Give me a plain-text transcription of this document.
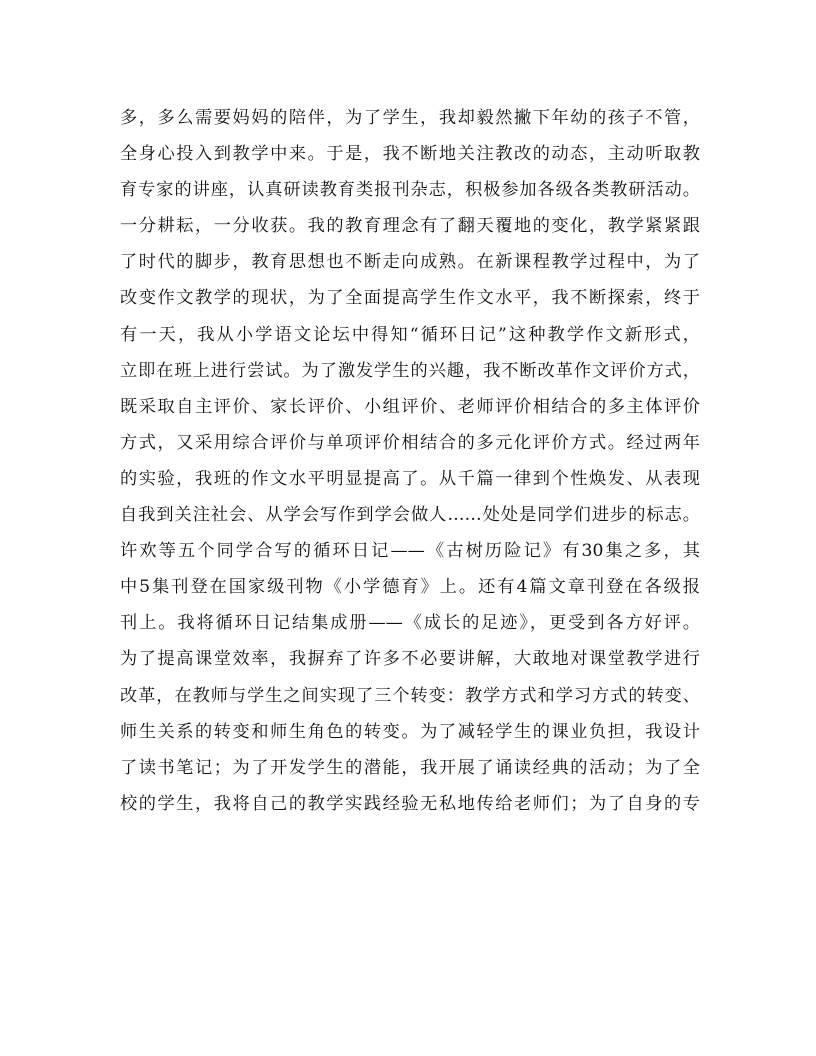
多，多么需要妈妈的陪伴，为了学生，我却毅然撇下年幼的孩子不管，
全身心投入到教学中来。于是，我不断地关注教改的动态，主动听取教
育专家的讲座，认真研读教育类报刊杂志，积极参加各级各类教研活动。
一分耕耘，一分收获。我的教育理念有了翻天覆地的变化，教学紧紧跟
了时代的脚步，教育思想也不断走向成熟。在新课程教学过程中，为了
改变作文教学的现状，为了全面提高学生作文水平，我不断探索，终于
有一天，我从小学语文论坛中得知“循环日记”这种教学作文新形式，
立即在班上进行尝试。为了激发学生的兴趣，我不断改革作文评价方式，
既采取自主评价、家长评价、小组评价、老师评价相结合的多主体评价
方式，又采用综合评价与单项评价相结合的多元化评价方式。经过两年
的实验，我班的作文水平明显提高了。从千篇一律到个性焕发、从表现
自我到关注社会、从学会写作到学会做人……处处是同学们进步的标志。
许欢等五个同学合写的循环日记——《古树历险记》有30集之多，其
中5集刊登在国家级刊物《小学德育》上。还有4篇文章刊登在各级报
刊上。我将循环日记结集成册——《成长的足迹》，更受到各方好评。
为了提高课堂效率，我摒弃了许多不必要讲解，大敢地对课堂教学进行
改革，在教师与学生之间实现了三个转变：教学方式和学习方式的转变、
师生关系的转变和师生角色的转变。为了减轻学生的课业负担，我设计
了读书笔记；为了开发学生的潜能，我开展了诵读经典的活动；为了全
校的学生，我将自己的教学实践经验无私地传给老师们；为了自身的专
